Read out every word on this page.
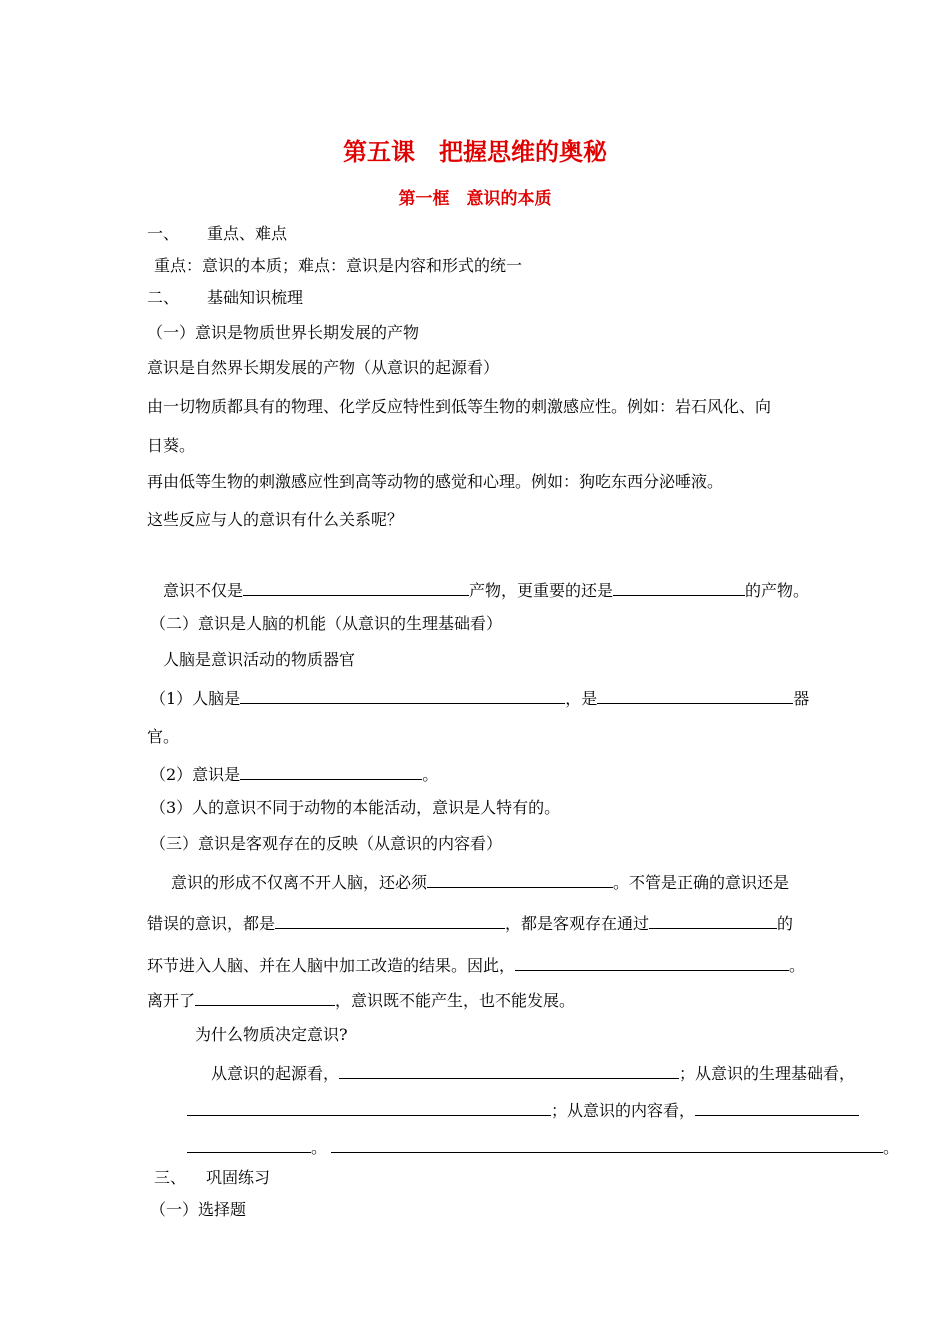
第五课　把握思维的奥秘
第一框　意识的本质
一、 重点、难点
重点：意识的本质；难点：意识是内容和形式的统一
二、 基础知识梳理
（一）意识是物质世界长期发展的产物
意识是自然界长期发展的产物（从意识的起源看）
由一切物质都具有的物理、化学反应特性到低等生物的刺激感应性。例如：岩石风化、向
日葵。
再由低等生物的刺激感应性到高等动物的感觉和心理。例如：狗吃东西分泌唾液。
这些反应与人的意识有什么关系呢？
意识不仅是	产物，更重要的还是	的产物。
（二）意识是人脑的机能（从意识的生理基础看）
人脑是意识活动的物质器官
（1）人脑是	，是	器
官。
（2）意识是	。
（3）人的意识不同于动物的本能活动，意识是人特有的。
（三）意识是客观存在的反映（从意识的内容看）
意识的形成不仅离不开人脑，还必须	。不管是正确的意识还是
错误的意识，都是	，都是客观存在通过	的
环节进入人脑、并在人脑中加工改造的结果。因此，	。
离开了	，意识既不能产生，也不能发展。
为什么物质决定意识?
从意识的起源看，	；从意识的生理基础看，
；从意识的内容看，
。	。
三、 巩固练习
（一）选择题
